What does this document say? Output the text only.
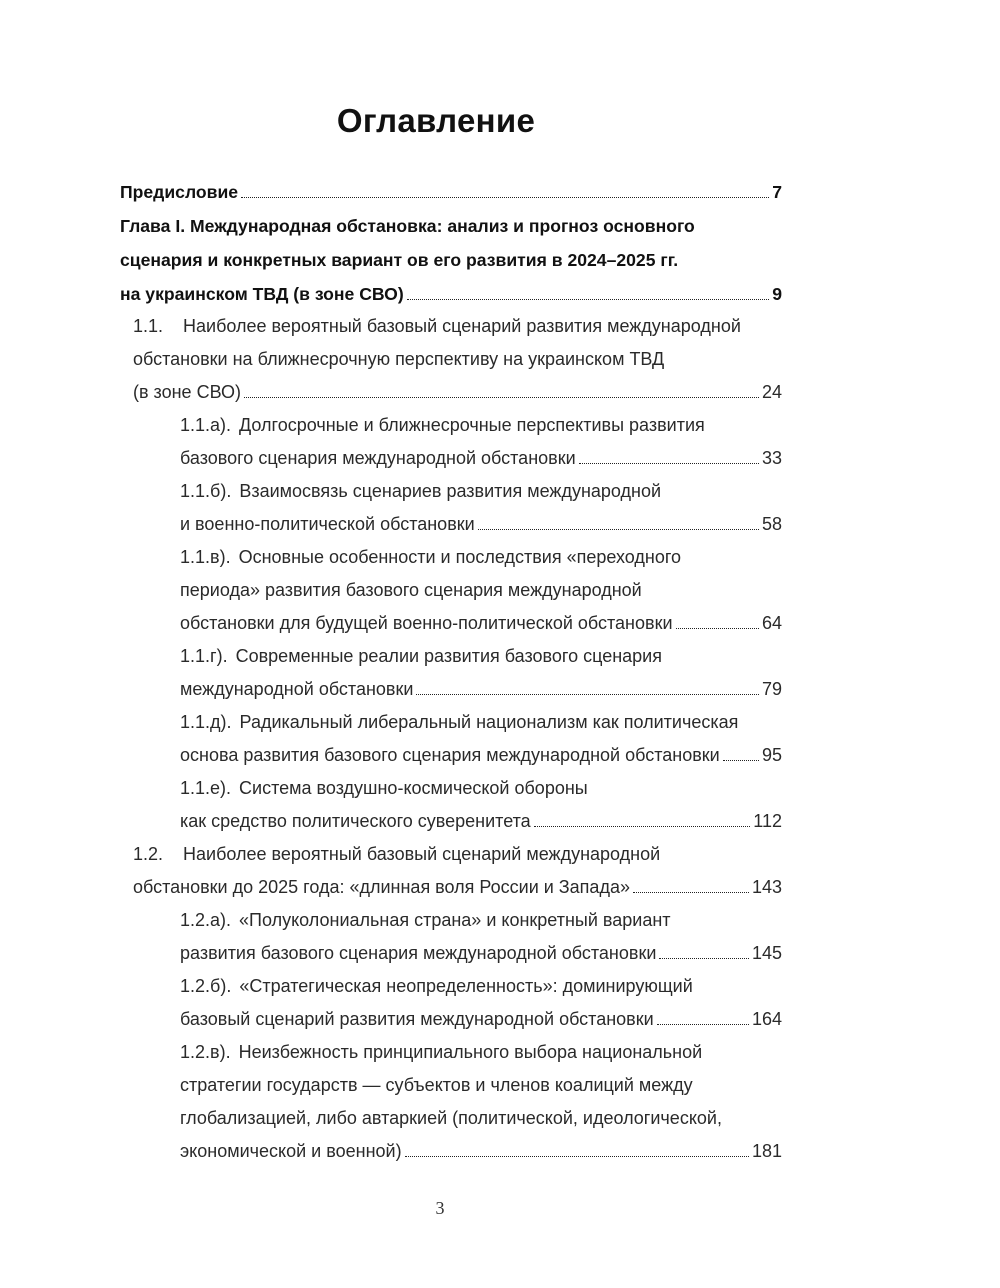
Оглавление
Предисловие	7
Глава I. Международная обстановка: анализ и прогноз основного
сценария и конкретных вариант ов его развития в 2024–2025 гг.
на украинском ТВД (в зоне СВО)	9
1.1.	Наиболее вероятный базовый сценарий развития международной
обстановки на ближнесрочную перспективу на украинском ТВД
(в зоне СВО)	24
1.1.а). Долгосрочные и ближнесрочные перспективы развития
базового сценария международной обстановки	33
1.1.б). Взаимосвязь сценариев развития международной
и военно-политической обстановки	58
1.1.в). Основные особенности и последствия «переходного
периода» развития базового сценария международной
обстановки для будущей военно-политической обстановки	64
1.1.г). Современные реалии развития базового сценария
международной обстановки	79
1.1.д). Радикальный либеральный национализм как политическая
основа развития базового сценария международной обстановки 95
1.1.е). Система воздушно-космической обороны
как средство политического суверенитета	112
1.2.	Наиболее вероятный базовый сценарий международной
обстановки до 2025 года: «длинная воля России и Запада»	143
1.2.а). «Полуколониальная страна» и конкретный вариант
развития базового сценария международной обстановки	145
1.2.б). «Стратегическая неопределенность»: доминирующий
базовый сценарий развития международной обстановки	164
1.2.в). Неизбежность принципиального выбора национальной
стратегии государств — субъектов и членов коалиций между
глобализацией, либо автаркией (политической, идеологической,
экономической и военной)	181
3
